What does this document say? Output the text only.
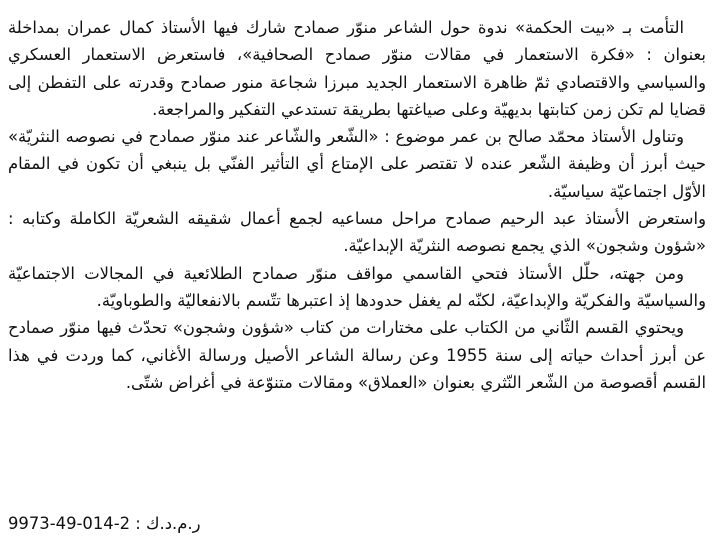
التأمت بـ «بيت الحكمة» ندوة حول الشاعر منوّر صمادح شارك فيها الأستاذ كمال عمران بمداخلة بعنوان : «فكرة الاستعمار في مقالات منوّر صمادح الصحافية»، فاستعرض الاستعمار العسكري والسياسي والاقتصادي ثمّ ظاهرة الاستعمار الجديد مبرزا شجاعة منور صمادح وقدرته على التفطن إلى قضايا لم تكن زمن كتابتها بديهيّة وعلى صياغتها بطريقة تستدعي التفكير والمراجعة.

وتناول الأستاذ محمّد صالح بن عمر موضوع : «الشّعر والشّاعر عند منوّر صمادح في نصوصه النثريّة» حيث أبرز أن وظيفة الشّعر عنده لا تقتصر على الإمتاع أي التأثير الفنّي بل ينبغي أن تكون في المقام الأوّل اجتماعيّة سياسيّة.

واستعرض الأستاذ عبد الرحيم صمادح مراحل مساعيه لجمع أعمال شقيقه الشعريّة الكاملة وكتابه : «شؤون وشجون» الذي يجمع نصوصه النثريّة الإبداعيّة.

ومن جهته، حلّل الأستاذ فتحي القاسمي مواقف منوّر صمادح الطلائعية في المجالات الاجتماعيّة والسياسيّة والفكريّة والإبداعيّة، لكنّه لم يغفل حدودها إذ اعتبرها تتّسم بالانفعاليّة والطوباويّة.

ويحتوي القسم الثّاني من الكتاب على مختارات من كتاب «شؤون وشجون» تحدّث فيها منوّر صمادح عن أبرز أحداث حياته إلى سنة 1955 وعن رسالة الشاعر الأصيل ورسالة الأغاني، كما وردت في هذا القسم أقصوصة من الشّعر النّثري بعنوان «العملاق» ومقالات متنوّعة في أغراض شتّى.

ر.م.د.ك : 2-014-49-9973
